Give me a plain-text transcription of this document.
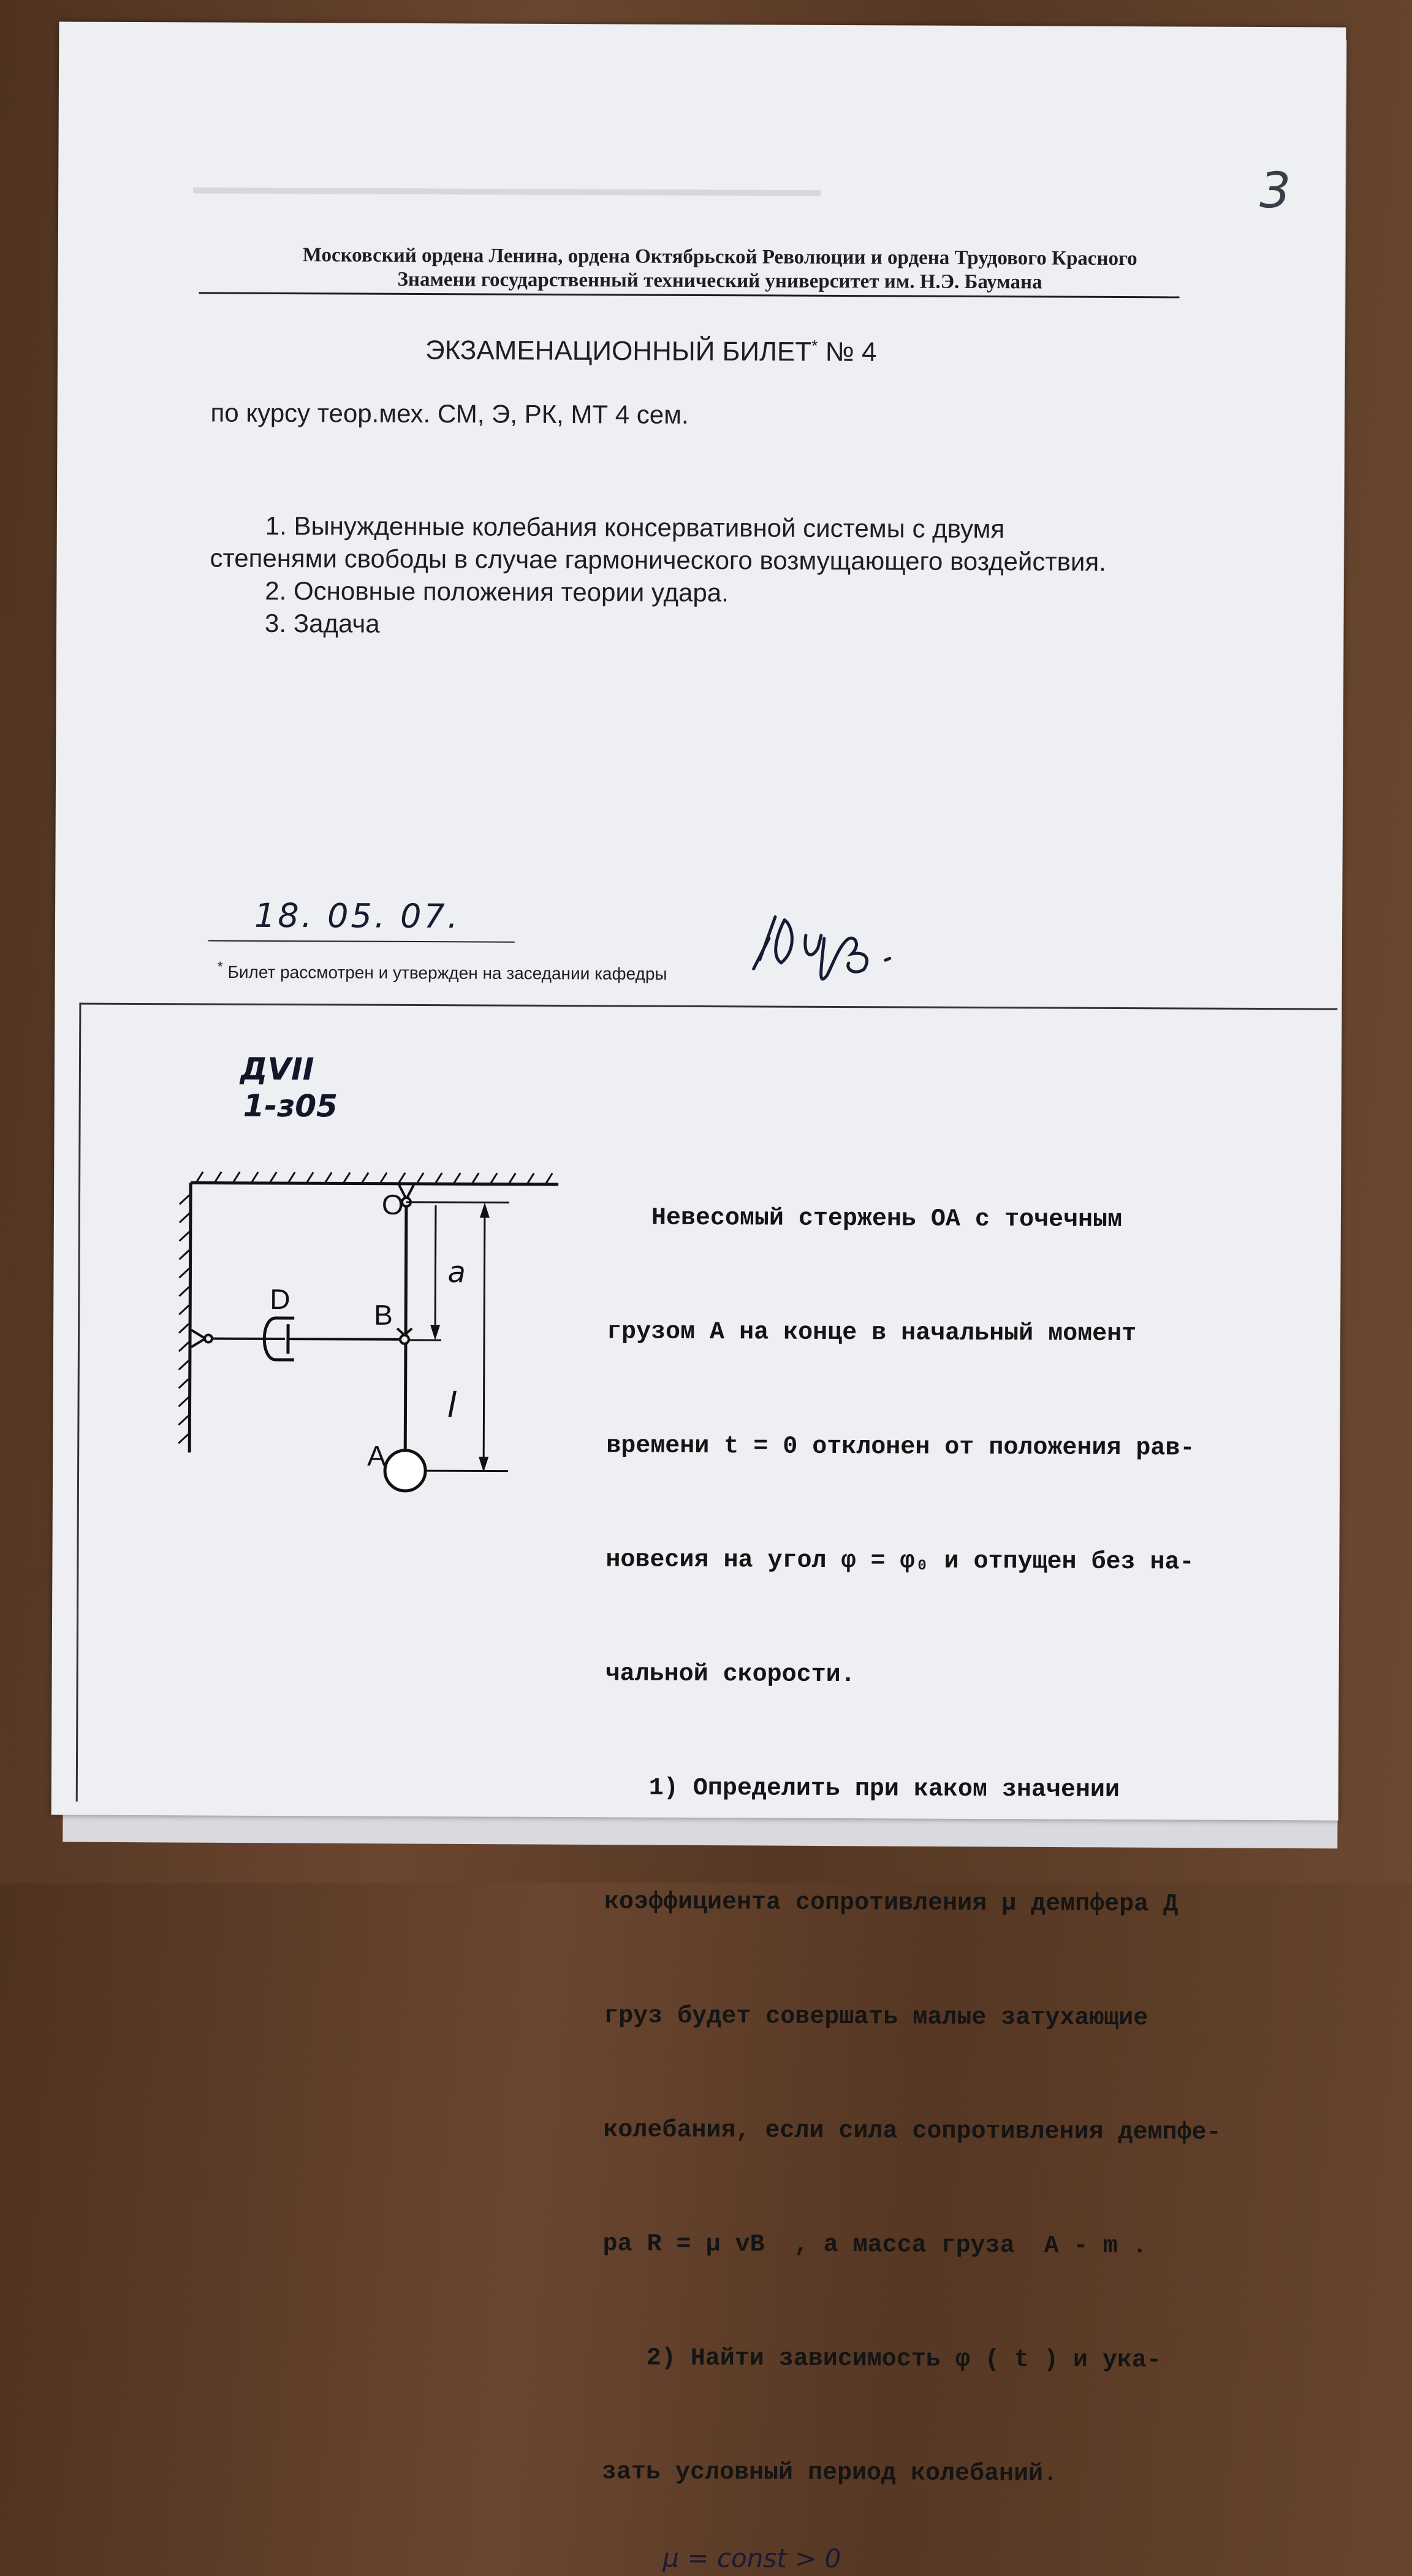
▬▬▬▬▬▬▬▬▬▬▬▬▬▬▬▬▬▬▬▬▬▬▬▬▬▬▬▬▬▬▬▬	3
Московский ордена Ленина, ордена Октябрьской Революции и ордена Трудового Красного
Знамени государственный технический университет им. Н.Э. Баумана
ЭКЗАМЕНАЦИОННЫЙ БИЛЕТ* № 4
по курсу теор.мех. СМ, Э, РК, МТ 4 сем.
1. Вынужденные колебания консервативной системы с двумя
степенями свободы в случае гармонического возмущающего воздействия.
2. Основные положения теории удара.
3. Задача
18. 05. 07.
* Билет рассмотрен и утвержден на заседании кафедры
ДVII
1-з05
O
a
l
D	B
A

Невесомый стержень ОА с точечным

грузом А на конце в начальный момент

времени t = 0 отклонен от положения рав-

новесия на угол φ = φ₀ и отпущен без на-

чальной скорости.

1) Определить при каком значении

коэффициента сопротивления μ демпфера Д

груз будет совершать малые затухающие

колебания, если сила сопротивления демпфе-

ра R = μ vB  , а масса груза  А - m .

2) Найти зависимость φ ( t ) и ука-

зать условный период колебаний.

μ = const > 0
